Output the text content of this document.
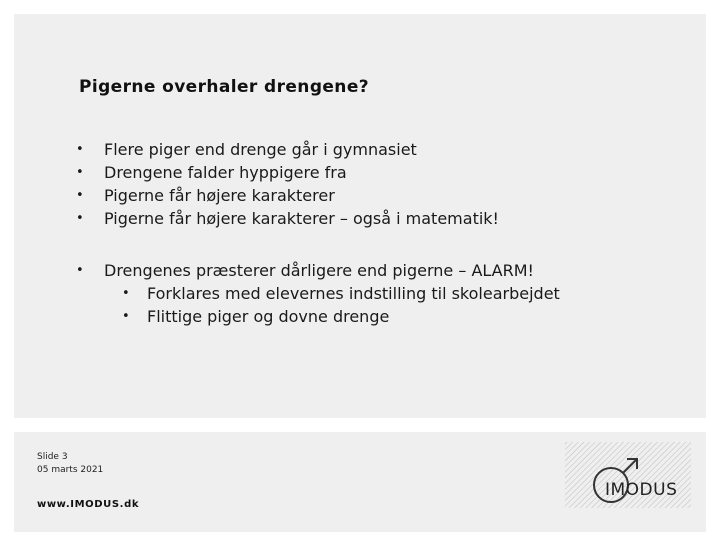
Pigerne overhaler drengene?
• Flere piger end drenge går i gymnasiet
• Drengene falder hyppigere fra
• Pigerne får højere karakterer
• Pigerne får højere karakterer – også i matematik!
• Drengenes præsterer dårligere end pigerne – ALARM!
• Forklares med elevernes indstilling til skolearbejdet
• Flittige piger og dovne drenge
Slide 3
05 marts 2021
www.IMODUS.dk
IMODUS
